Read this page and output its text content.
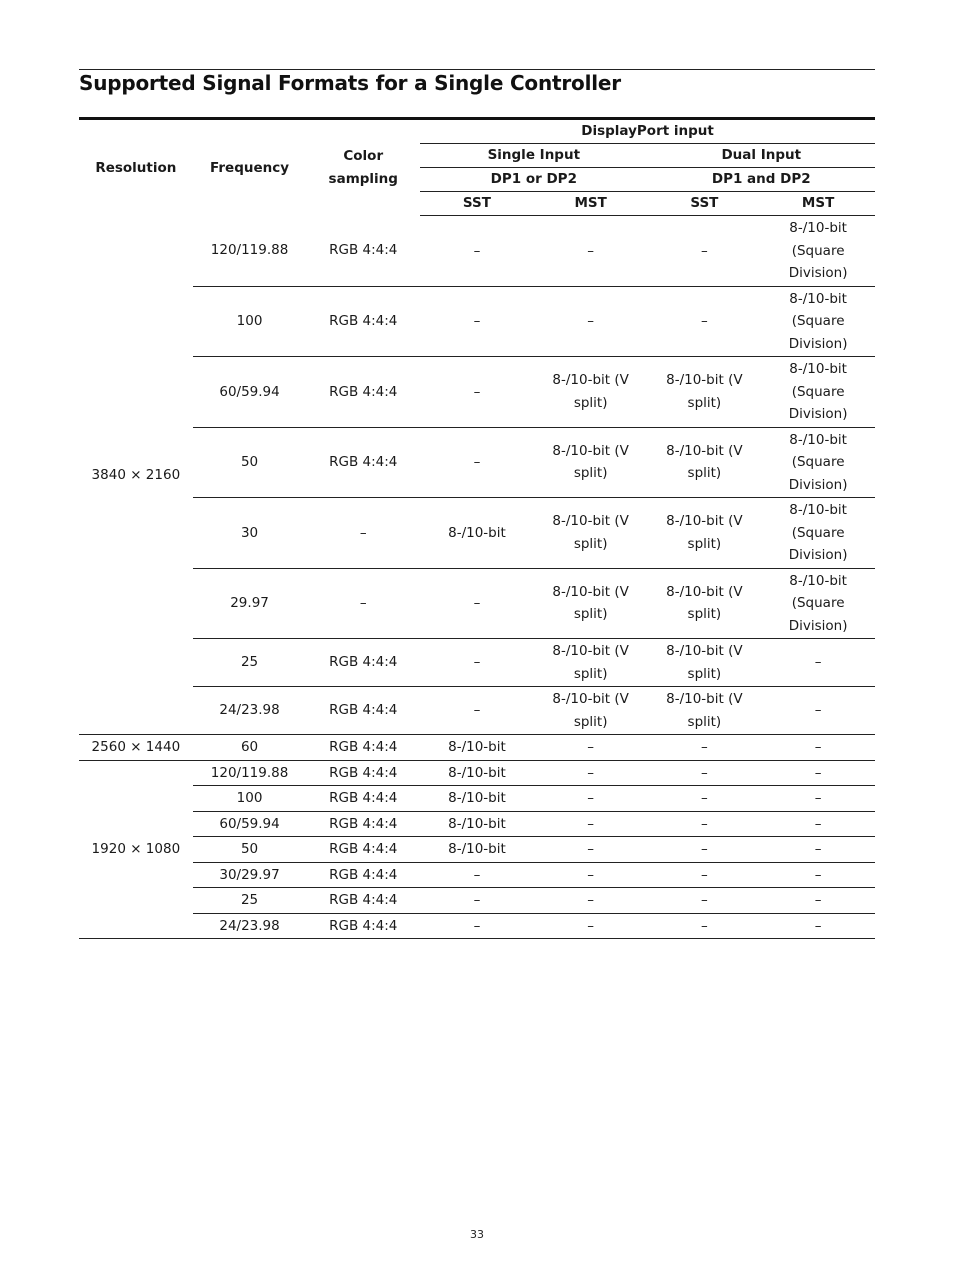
Supported Signal Formats for a Single Controller
Resolution	Frequency	Color sampling	DisplayPort input			
			Single Input		Dual Input	
			DP1 or DP2		DP1 and DP2	
			SST	MST	SST	MST
3840 × 2160	120/119.88	RGB 4:4:4	–	–	–	8-/10-bit (Square Division)
	100	RGB 4:4:4	–	–	–	8-/10-bit (Square Division)
	60/59.94	RGB 4:4:4	–	8-/10-bit (V split)	8-/10-bit (V split)	8-/10-bit (Square Division)
	50	RGB 4:4:4	–	8-/10-bit (V split)	8-/10-bit (V split)	8-/10-bit (Square Division)
	30	–	8-/10-bit	8-/10-bit (V split)	8-/10-bit (V split)	8-/10-bit (Square Division)
	29.97	–	–	8-/10-bit (V split)	8-/10-bit (V split)	8-/10-bit (Square Division)
	25	RGB 4:4:4	–	8-/10-bit (V split)	8-/10-bit (V split)	–
	24/23.98	RGB 4:4:4	–	8-/10-bit (V split)	8-/10-bit (V split)	–
2560 × 1440	60	RGB 4:4:4	8-/10-bit	–	–	–
1920 × 1080	120/119.88	RGB 4:4:4	8-/10-bit	–	–	–
	100	RGB 4:4:4	8-/10-bit	–	–	–
	60/59.94	RGB 4:4:4	8-/10-bit	–	–	–
	50	RGB 4:4:4	8-/10-bit	–	–	–
	30/29.97	RGB 4:4:4	–	–	–	–
	25	RGB 4:4:4	–	–	–	–
	24/23.98	RGB 4:4:4	–	–	–	–
33
